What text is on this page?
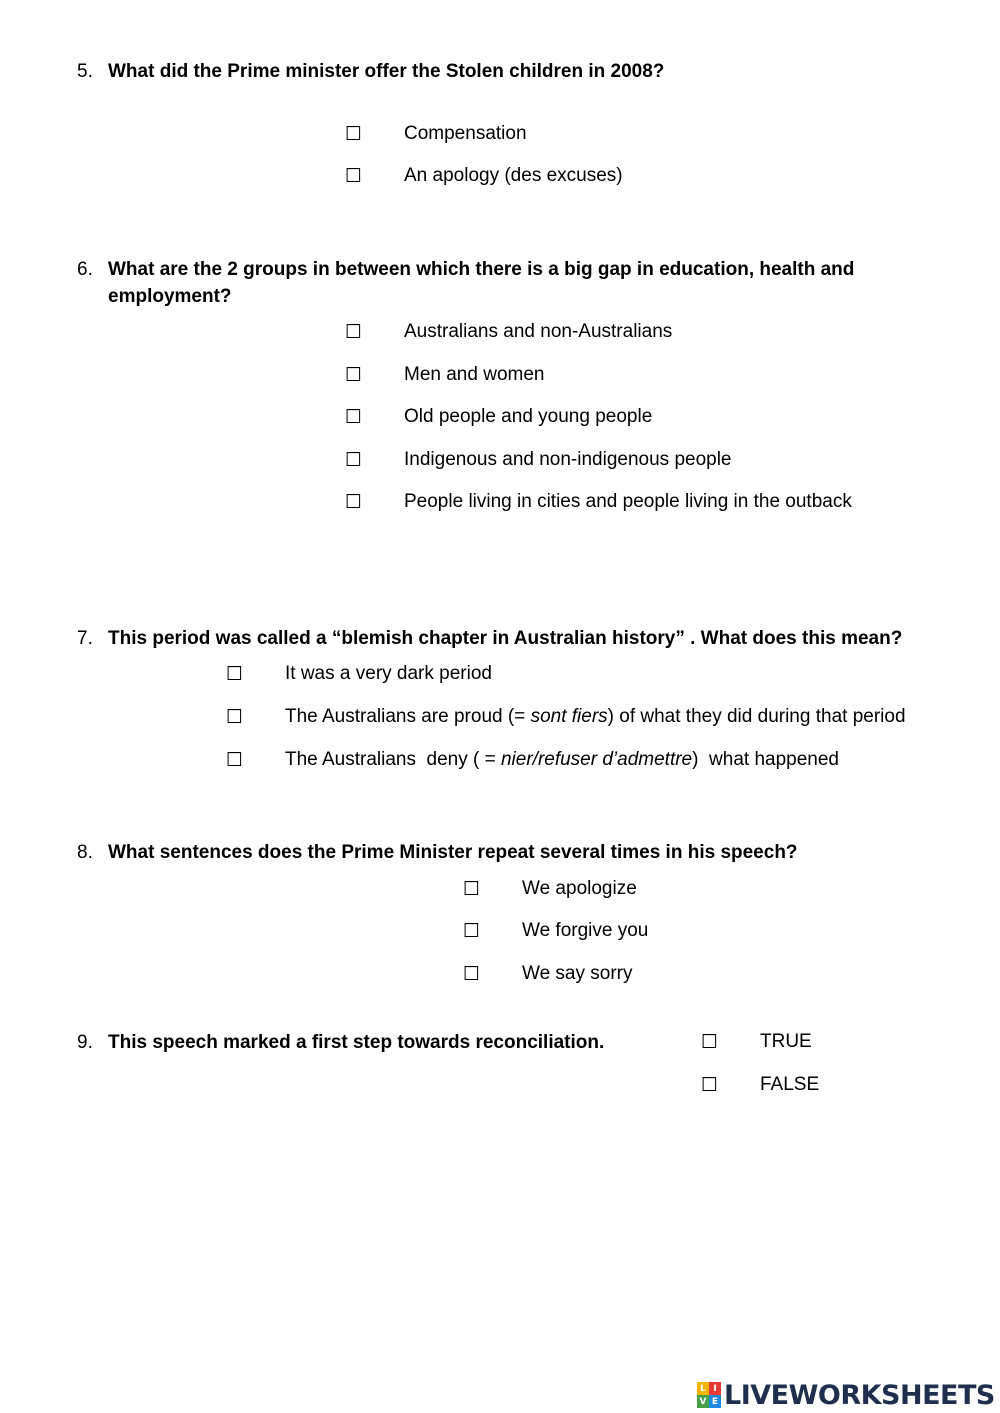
5. What did the Prime minister offer the Stolen children in 2008?
☐ Compensation
☐ An apology (des excuses)
6. What are the 2 groups in between which there is a big gap in education, health and
employment?
☐ Australians and non-Australians
☐ Men and women
☐ Old people and young people
☐ Indigenous and non-indigenous people
☐ People living in cities and people living in the outback
7. This period was called a “blemish chapter in Australian history” . What does this mean?
☐ It was a very dark period
☐ The Australians are proud (= sont fiers) of what they did during that period
☐ The Australians  deny ( = nier/refuser d’admettre)  what happened
8. What sentences does the Prime Minister repeat several times in his speech?
☐ We apologize
☐ We forgive you
☐ We say sorry
9. This speech marked a first step towards reconciliation.	☐ TRUE
☐ FALSE
L I
V E LIVEWORKSHEETS
